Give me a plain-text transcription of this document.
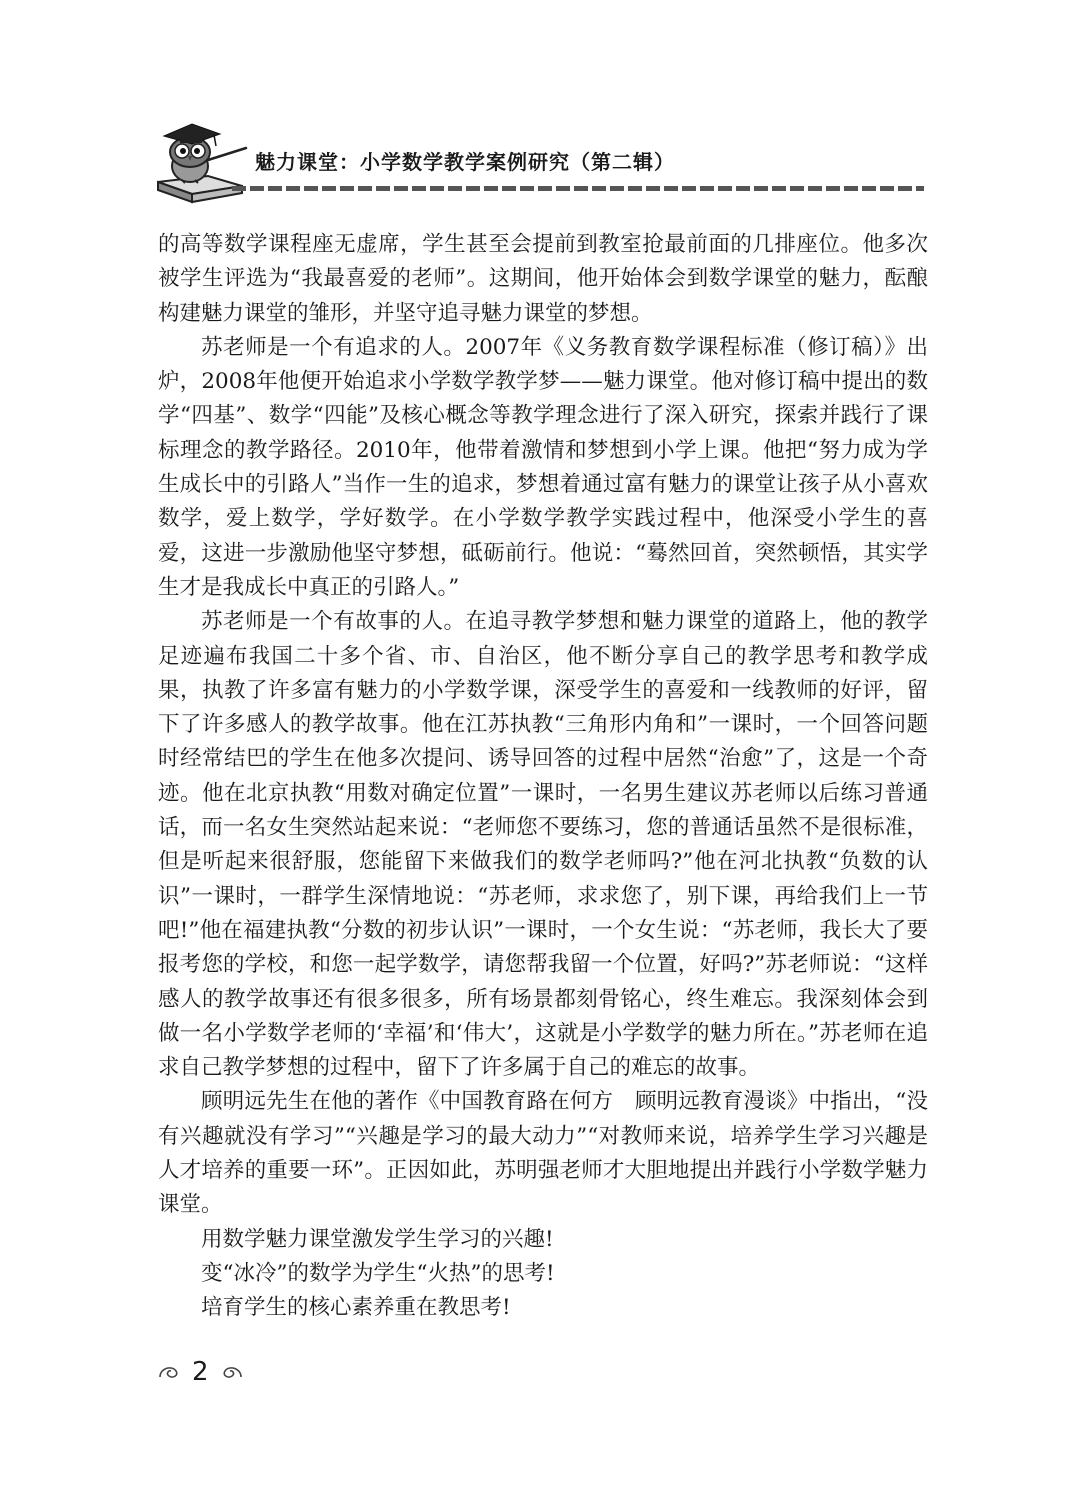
魅力课堂：小学数学教学案例研究（第二辑）

的高等数学课程座无虚席，学生甚至会提前到教室抢最前面的几排座位。他多次被学生评选为“我最喜爱的老师”。这期间，他开始体会到数学课堂的魅力，酝酿构建魅力课堂的雏形，并坚守追寻魅力课堂的梦想。

苏老师是一个有追求的人。2007年《义务教育数学课程标准（修订稿）》出炉，2008年他便开始追求小学数学教学梦——魅力课堂。他对修订稿中提出的数学“四基”、数学“四能”及核心概念等教学理念进行了深入研究，探索并践行了课标理念的教学路径。2010年，他带着激情和梦想到小学上课。他把“努力成为学生成长中的引路人”当作一生的追求，梦想着通过富有魅力的课堂让孩子从小喜欢数学，爱上数学，学好数学。在小学数学教学实践过程中，他深受小学生的喜爱，这进一步激励他坚守梦想，砥砺前行。他说：“蓦然回首，突然顿悟，其实学生才是我成长中真正的引路人。”

苏老师是一个有故事的人。在追寻教学梦想和魅力课堂的道路上，他的教学足迹遍布我国二十多个省、市、自治区，他不断分享自己的教学思考和教学成果，执教了许多富有魅力的小学数学课，深受学生的喜爱和一线教师的好评，留下了许多感人的教学故事。他在江苏执教“三角形内角和”一课时，一个回答问题时经常结巴的学生在他多次提问、诱导回答的过程中居然“治愈”了，这是一个奇迹。他在北京执教“用数对确定位置”一课时，一名男生建议苏老师以后练习普通话，而一名女生突然站起来说：“老师您不要练习，您的普通话虽然不是很标准，但是听起来很舒服，您能留下来做我们的数学老师吗?”他在河北执教“负数的认识”一课时，一群学生深情地说：“苏老师，求求您了，别下课，再给我们上一节吧!”他在福建执教“分数的初步认识”一课时，一个女生说：“苏老师，我长大了要报考您的学校，和您一起学数学，请您帮我留一个位置，好吗?”苏老师说：“这样感人的教学故事还有很多很多，所有场景都刻骨铭心，终生难忘。我深刻体会到做一名小学数学老师的‘幸福’和‘伟大’，这就是小学数学的魅力所在。”苏老师在追求自己教学梦想的过程中，留下了许多属于自己的难忘的故事。

顾明远先生在他的著作《中国教育路在何方　顾明远教育漫谈》中指出，“没有兴趣就没有学习”“兴趣是学习的最大动力”“对教师来说，培养学生学习兴趣是人才培养的重要一环”。正因如此，苏明强老师才大胆地提出并践行小学数学魅力课堂。

用数学魅力课堂激发学生学习的兴趣!

变“冰冷”的数学为学生“火热”的思考!

培育学生的核心素养重在教思考!

2
